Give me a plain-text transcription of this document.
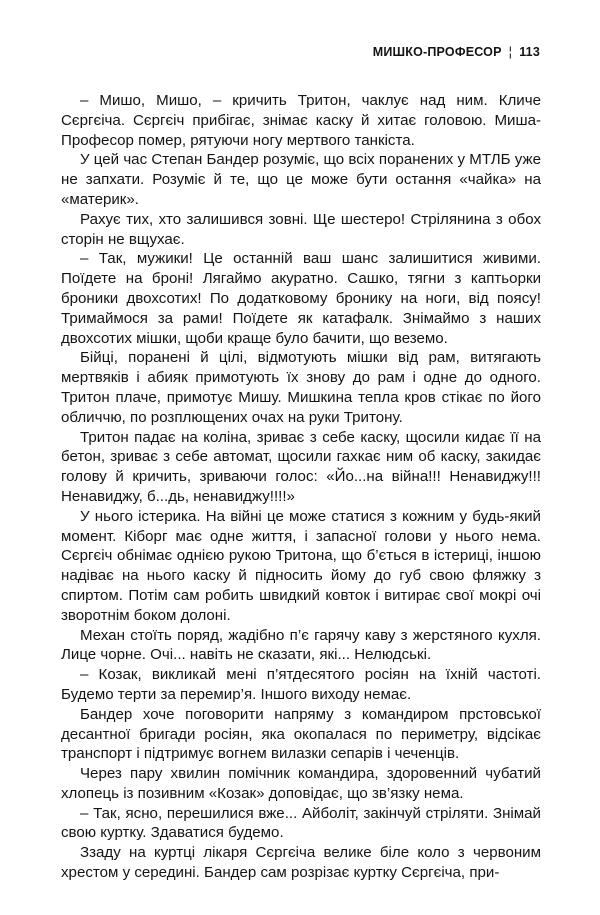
МИШКО-ПРОФЕСОР ¦ 113

– Мишо, Мишо, – кричить Тритон, чаклує над ним. Кличе Сєргєіча. Сєргєіч прибігає, знімає каску й хитає головою. Миша-Професор помер, рятуючи ногу мертвого танкіста.

У цей час Степан Бандер розуміє, що всіх поранених у МТЛБ уже не запхати. Розуміє й те, що це може бути остання «чайка» на «материк».

Рахує тих, хто залишився зовні. Ще шестеро! Стрілянина з обох сторін не вщухає.

– Так, мужики! Це останній ваш шанс залишитися живими. Поїдете на броні! Лягаймо акуратно. Сашко, тягни з каптьорки броники двохсотих! По додатковому бронику на ноги, від поясу! Тримаймося за рами! Поїдете як катафалк. Знімаймо з наших двохсотих мішки, щоби краще було бачити, що веземо.

Бійці, поранені й цілі, відмотують мішки від рам, витягають мертвяків і абияк примотують їх знову до рам і одне до одного. Тритон плаче, примотує Мишу. Мишкина тепла кров стікає по його обличчю, по розплющених очах на руки Тритону.

Тритон падає на коліна, зриває з себе каску, щосили кидає її на бетон, зриває з себе автомат, щосили гахкає ним об каску, закидає голову й кричить, зриваючи голос: «Йо...на війна!!! Ненавиджу!!! Ненавиджу, б...дь, ненавиджу!!!!»

У нього істерика. На війні це може статися з кожним у будь-який момент. Кіборг має одне життя, і запасної голови у нього нема. Сєргєіч обнімає однією рукою Тритона, що б’ється в істериці, іншою надіває на нього каску й підносить йому до губ свою фляжку з спиртом. Потім сам робить швидкий ковток і витирає свої мокрі очі зворотнім боком долоні.

Механ стоїть поряд, жадібно п’є гарячу каву з жерстяного кухля. Лице чорне. Очі... навіть не сказати, які... Нелюдські.

– Козак, викликай мені п’ятдесятого росіян на їхній частоті. Будемо терти за перемир’я. Іншого виходу немає.

Бандер хоче поговорити напряму з командиром прстовської десантної бригади росіян, яка окопалася по периметру, відсікає транспорт і підтримує вогнем вилазки сепарів і чеченців.

Через пару хвилин помічник командира, здоровенний чубатий хлопець із позивним «Козак» доповідає, що зв’язку нема.

– Так, ясно, перешилися вже... Айболіт, закінчуй стріляти. Знімай свою куртку. Здаватися будемо.

Ззаду на куртці лікаря Сєргєіча велике біле коло з червоним хрестом у середині. Бандер сам розрізає куртку Сєргєіча, при-
